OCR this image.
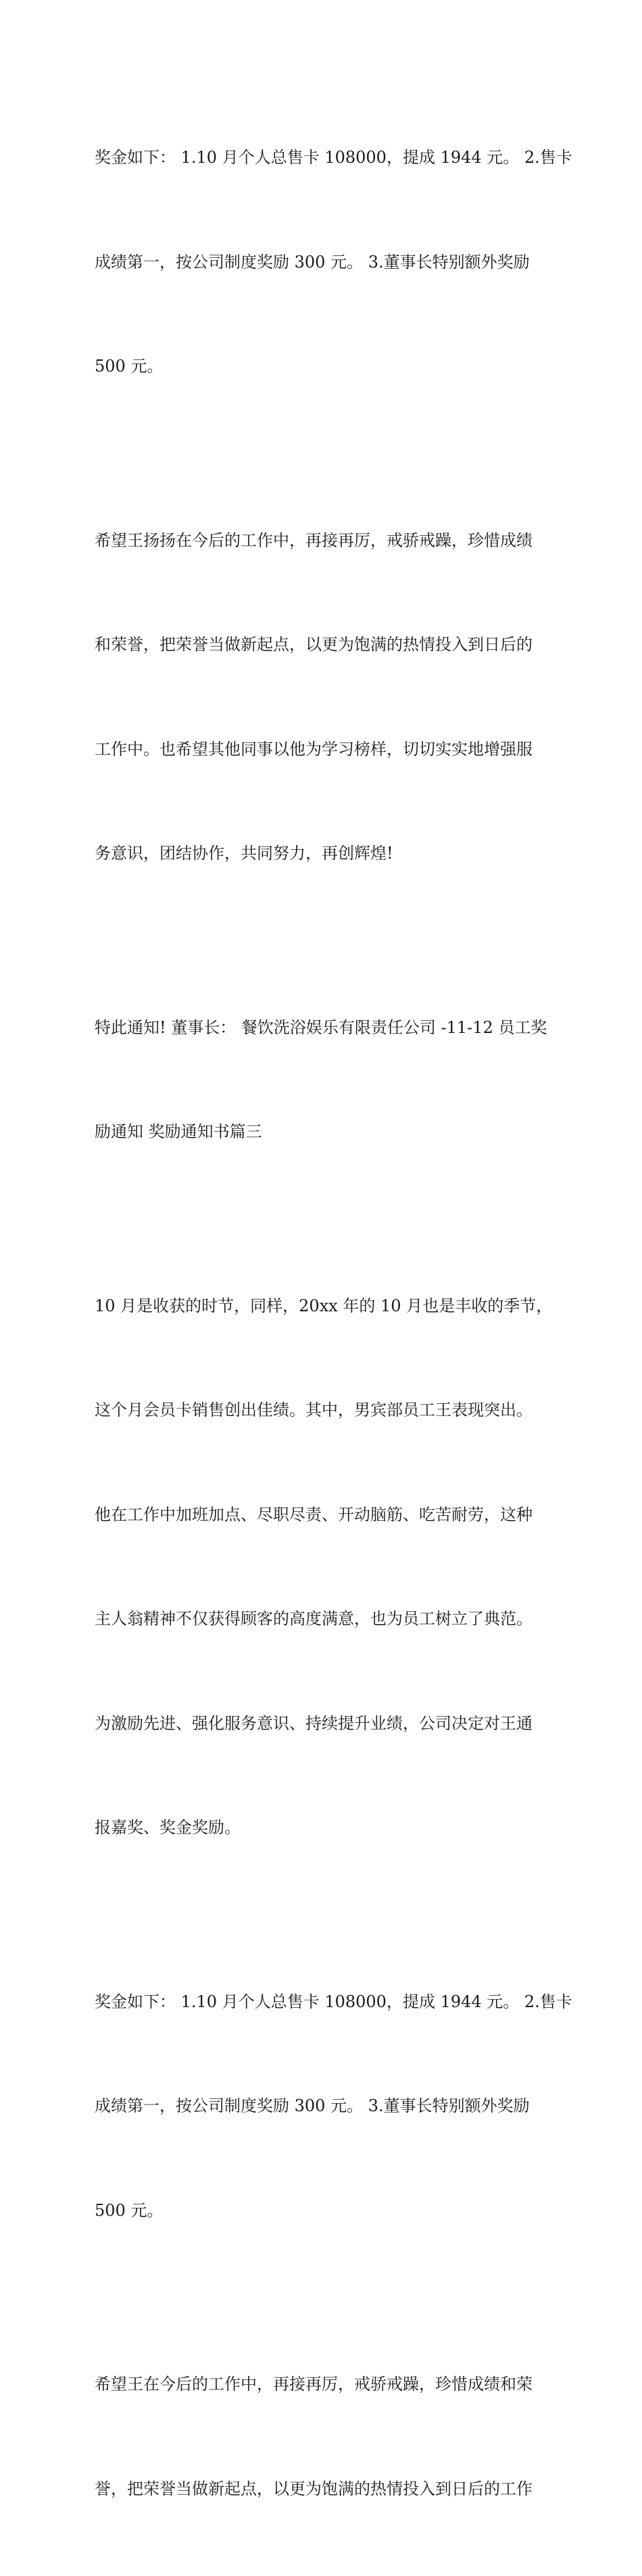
奖金如下： 1.10 月个人总售卡 108000，提成 1944 元。 2.售卡

成绩第一，按公司制度奖励 300 元。 3.董事长特别额外奖励

500 元。

希望王扬扬在今后的工作中，再接再厉，戒骄戒躁，珍惜成绩

和荣誉，把荣誉当做新起点，以更为饱满的热情投入到日后的

工作中。也希望其他同事以他为学习榜样，切切实实地增强服

务意识，团结协作，共同努力，再创辉煌!

特此通知! 董事长： 餐饮洗浴娱乐有限责任公司 -11-12 员工奖

励通知 奖励通知书篇三

10 月是收获的时节，同样，20xx 年的 10 月也是丰收的季节，

这个月会员卡销售创出佳绩。其中，男宾部员工王表现突出。

他在工作中加班加点、尽职尽责、开动脑筋、吃苦耐劳，这种

主人翁精神不仅获得顾客的高度满意，也为员工树立了典范。

为激励先进、强化服务意识、持续提升业绩，公司决定对王通

报嘉奖、奖金奖励。

奖金如下： 1.10 月个人总售卡 108000，提成 1944 元。 2.售卡

成绩第一，按公司制度奖励 300 元。 3.董事长特别额外奖励

500 元。

希望王在今后的工作中，再接再厉，戒骄戒躁，珍惜成绩和荣

誉，把荣誉当做新起点，以更为饱满的热情投入到日后的工作
